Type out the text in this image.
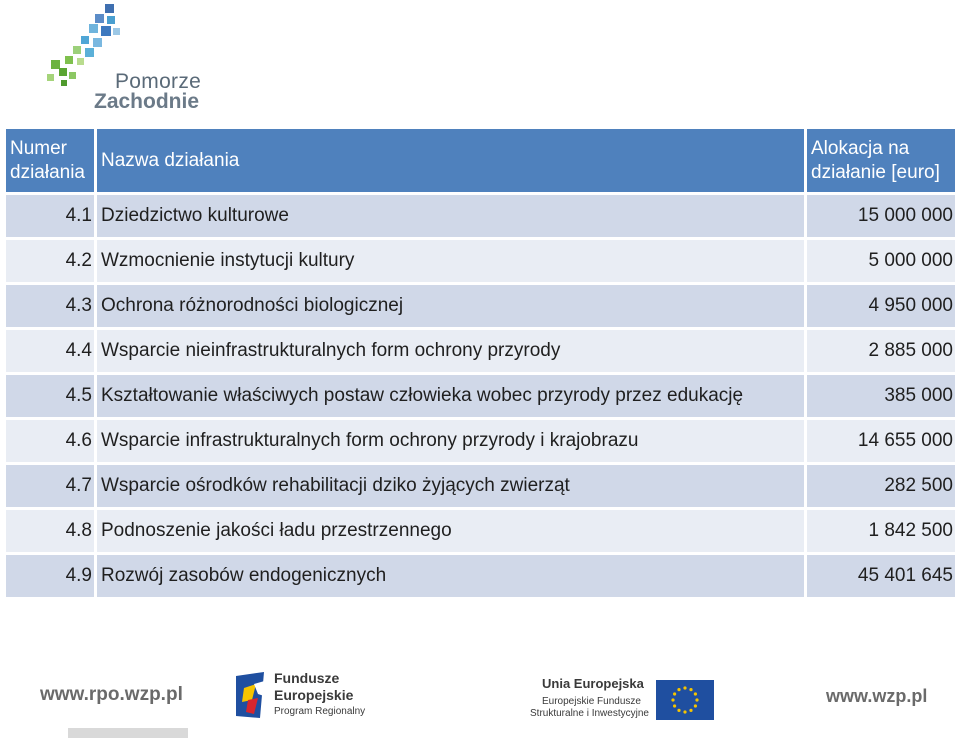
Pomorze
Zachodnie
Numer działania	Nazwa działania	Alokacja na działanie [euro]
4.1	Dziedzictwo kulturowe	15 000 000
4.2	Wzmocnienie instytucji kultury	5 000 000
4.3	Ochrona różnorodności biologicznej	4 950 000
4.4	Wsparcie nieinfrastrukturalnych form ochrony przyrody	2 885 000
4.5	Kształtowanie właściwych postaw człowieka wobec przyrody przez edukację	385 000
4.6	Wsparcie infrastrukturalnych form ochrony przyrody i krajobrazu	14 655 000
4.7	Wsparcie ośrodków rehabilitacji dziko żyjących zwierząt	282 500
4.8	Podnoszenie jakości ładu przestrzennego	1 842 500
4.9	Rozwój zasobów endogenicznych	45 401 645
www.rpo.wzp.pl
Fundusze
Europejskie
Program Regionalny
Unia Europejska
Europejskie Fundusze
Strukturalne i Inwestycyjne
www.wzp.pl
